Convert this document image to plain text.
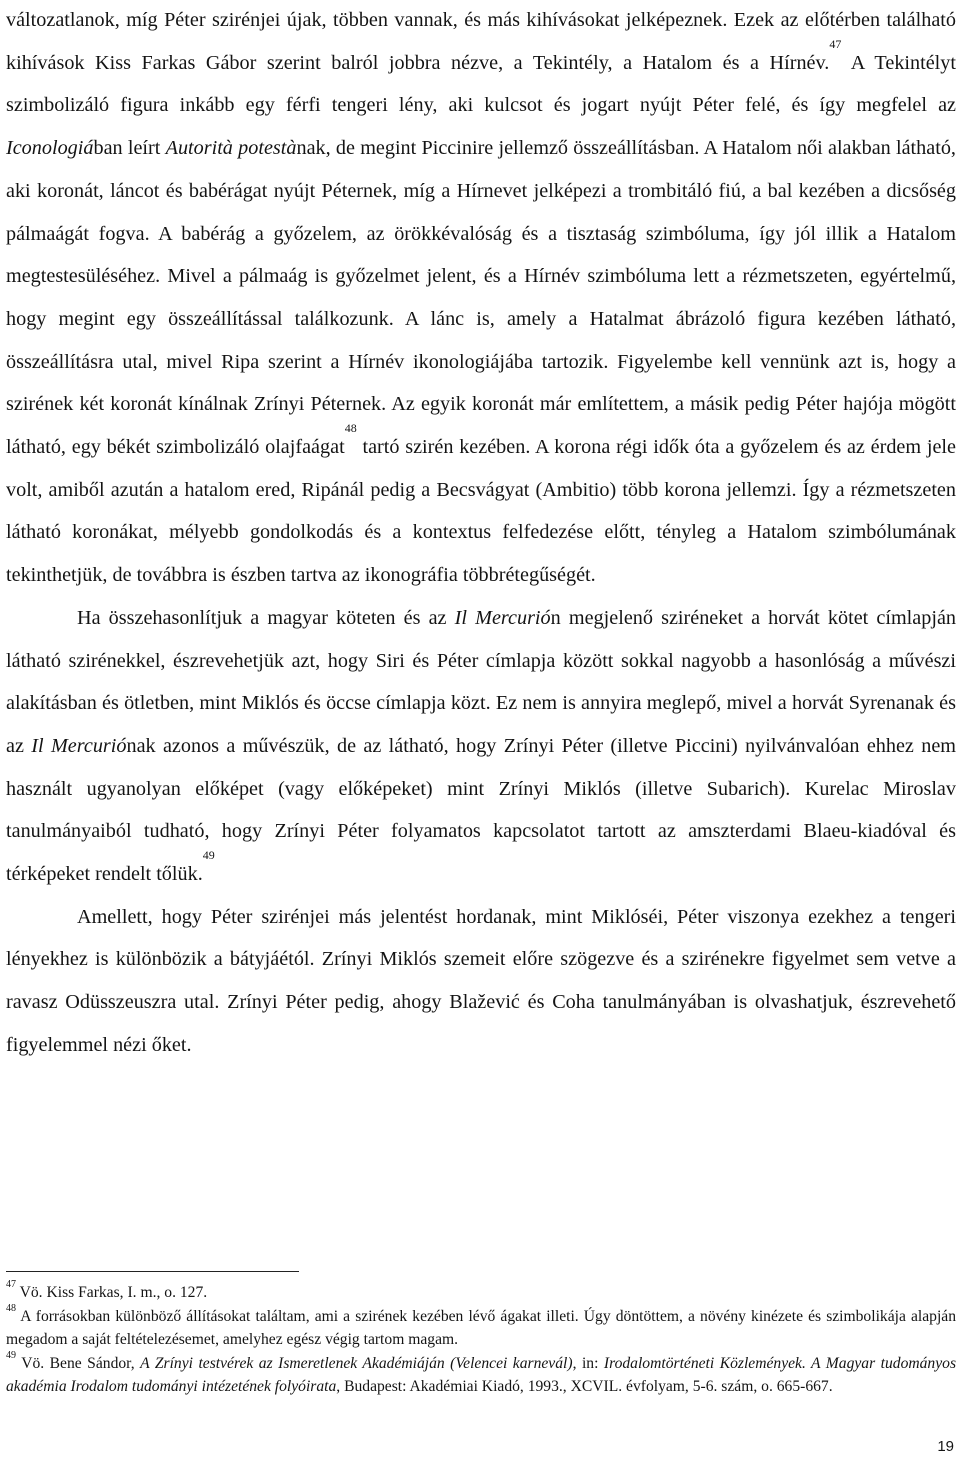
változatlanok, míg Péter szirénjei újak, többen vannak, és más kihívásokat jelképeznek. Ezek az előtérben található kihívások Kiss Farkas Gábor szerint balról jobbra nézve, a Tekintély, a Hatalom és a Hírnév.$^{47}$ A Tekintélyt szimbolizáló figura inkább egy férfi tengeri lény, aki kulcsot és jogart nyújt Péter felé, és így megfelel az Iconologiában leírt Autorità potestànak, de megint Piccinire jellemző összeállításban. A Hatalom női alakban látható, aki koronát, láncot és babérágat nyújt Péternek, míg a Hírnevet jelképezi a trombitáló fiú, a bal kezében a dicsőség pálmaágát fogva. A babérág a győzelem, az örökkévalóság és a tisztaság szimbóluma, így jól illik a Hatalom megtestesüléséhez. Mivel a pálmaág is győzelmet jelent, és a Hírnév szimbóluma lett a rézmetszeten, egyértelmű, hogy megint egy összeállítással találkozunk. A lánc is, amely a Hatalmat ábrázoló figura kezében látható, összeállításra utal, mivel Ripa szerint a Hírnév ikonologiájába tartozik. Figyelembe kell vennünk azt is, hogy a szirének két koronát kínálnak Zrínyi Péternek. Az egyik koronát már említettem, a másik pedig Péter hajója mögött látható, egy békét szimbolizáló olajfaágat$^{48}$ tartó szirén kezében. A korona régi idők óta a győzelem és az érdem jele volt, amiből azután a hatalom ered, Ripánál pedig a Becsvágyat (Ambitio) több korona jellemzi. Így a rézmetszeten látható koronákat, mélyebb gondolkodás és a kontextus felfedezése előtt, tényleg a Hatalom szimbólumának tekinthetjük, de továbbra is észben tartva az ikonográfia többrétegűségét.

Ha összehasonlítjuk a magyar köteten és az Il Mercurión megjelenő sziréneket a horvát kötet címlapján látható szirénekkel, észrevehetjük azt, hogy Siri és Péter címlapja között sokkal nagyobb a hasonlóság a művészi alakításban és ötletben, mint Miklós és öccse címlapja közt. Ez nem is annyira meglepő, mivel a horvát Syrenanak és az Il Mercuriónak azonos a művészük, de az látható, hogy Zrínyi Péter (illetve Piccini) nyilvánvalóan ehhez nem használt ugyanolyan előképet (vagy előképeket) mint Zrínyi Miklós (illetve Subarich). Kurelac Miroslav tanulmányaiból tudható, hogy Zrínyi Péter folyamatos kapcsolatot tartott az amszterdami Blaeu-kiadóval és térképeket rendelt tőlük.$^{49}$

Amellett, hogy Péter szirénjei más jelentést hordanak, mint Miklóséi, Péter viszonya ezekhez a tengeri lényekhez is különbözik a bátyjáétól. Zrínyi Miklós szemeit előre szögezve és a szirénekre figyelmet sem vetve a ravasz Odüsszeuszra utal. Zrínyi Péter pedig, ahogy Blažević és Coha tanulmányában is olvashatjuk, észrevehető figyelemmel nézi őket.

$^{47}$ Vö. Kiss Farkas, I. m., o. 127.

$^{48}$ A forrásokban különböző állításokat találtam, ami a szirének kezében lévő ágakat illeti. Úgy döntöttem, a növény kinézete és szimbolikája alapján megadom a saját feltételezésemet, amelyhez egész végig tartom magam.

$^{49}$ Vö. Bene Sándor, A Zrínyi testvérek az Ismeretlenek Akadémiáján (Velencei karnevál), in: Irodalomtörténeti Közlemények. A Magyar tudományos akadémia Irodalom tudományi intézetének folyóirata, Budapest: Akadémiai Kiadó, 1993., XCVIL. évfolyam, 5-6. szám, o. 665-667.

19
